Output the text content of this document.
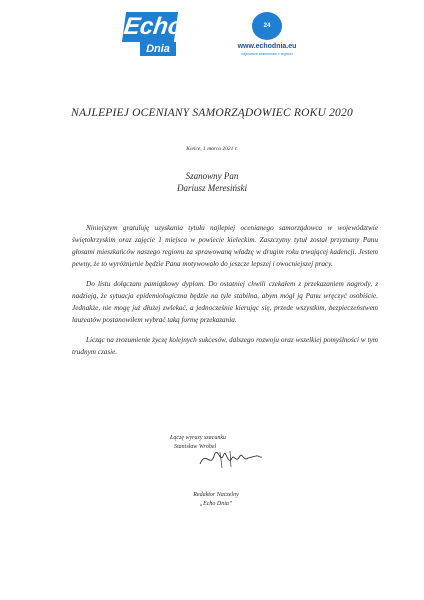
Echo
Dnia
24
www.echodnia.eu
najnowsze wiadomości z regionu
NAJLEPIEJ OCENIANY SAMORZĄDOWIEC ROKU 2020
Kielce, 1 marca 2021 r.
Szanowny Pan
Dariusz Meresiński

Niniejszym gratuluję uzyskania tytułu najlepiej ocenianego samorządowca w województwie świętokrzyskim oraz zajęcie 1 miejsca w powiecie kieleckim. Zaszczytny tytuł został przyznany Panu głosami mieszkańców naszego regionu za sprawowaną władzę w drugim roku trwającej kadencji. Jestem pewny, że to wyróżnienie będzie Pana motywowało do jeszcze lepszej i owocniejszej pracy.

Do listu dołączam pamiątkowy dyplom. Do ostatniej chwili czekałem z przekazaniem nagrody, z nadzieją, że sytuacja epidemiologiczna będzie na tyle stabilna, abym mógł ją Panu wręczyć osobiście. Jednakże, nie mogę już dłużej zwlekać, a jednocześnie kierując się, przede wszystkim, bezpieczeństwem laureatów postanowiłem wybrać taką formę przekazania.

Licząc na zrozumienie życzę kolejnych sukcesów, dalszego rozwoju oraz wszelkiej pomyślności w tym trudnym czasie.

Łączę wyrazy szacunku
Stanisław Wróbel
Redaktor Naczelny
„Echo Dnia”
